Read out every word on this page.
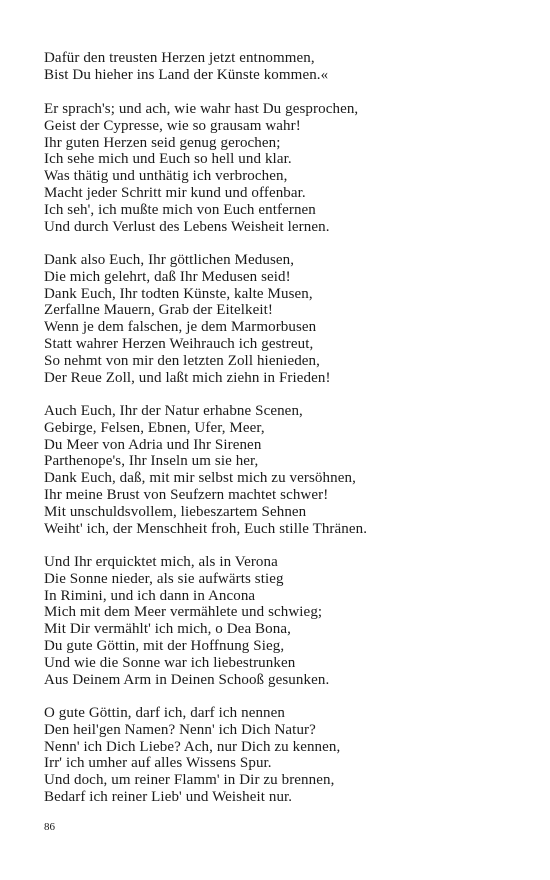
Dafür den treusten Herzen jetzt entnommen,
Bist Du hieher ins Land der Künste kommen.«
Er sprach's; und ach, wie wahr hast Du gesprochen,
Geist der Cypresse, wie so grausam wahr!
Ihr guten Herzen seid genug gerochen;
Ich sehe mich und Euch so hell und klar.
Was thätig und unthätig ich verbrochen,
Macht jeder Schritt mir kund und offenbar.
Ich seh', ich mußte mich von Euch entfernen
Und durch Verlust des Lebens Weisheit lernen.
Dank also Euch, Ihr göttlichen Medusen,
Die mich gelehrt, daß Ihr Medusen seid!
Dank Euch, Ihr todten Künste, kalte Musen,
Zerfallne Mauern, Grab der Eitelkeit!
Wenn je dem falschen, je dem Marmorbusen
Statt wahrer Herzen Weihrauch ich gestreut,
So nehmt von mir den letzten Zoll hienieden,
Der Reue Zoll, und laßt mich ziehn in Frieden!
Auch Euch, Ihr der Natur erhabne Scenen,
Gebirge, Felsen, Ebnen, Ufer, Meer,
Du Meer von Adria und Ihr Sirenen
Parthenope's, Ihr Inseln um sie her,
Dank Euch, daß, mit mir selbst mich zu versöhnen,
Ihr meine Brust von Seufzern machtet schwer!
Mit unschuldsvollem, liebeszartem Sehnen
Weiht' ich, der Menschheit froh, Euch stille Thränen.
Und Ihr erquicktet mich, als in Verona
Die Sonne nieder, als sie aufwärts stieg
In Rimini, und ich dann in Ancona
Mich mit dem Meer vermählete und schwieg;
Mit Dir vermählt' ich mich, o Dea Bona,
Du gute Göttin, mit der Hoffnung Sieg,
Und wie die Sonne war ich liebestrunken
Aus Deinem Arm in Deinen Schooß gesunken.
O gute Göttin, darf ich, darf ich nennen
Den heil'gen Namen? Nenn' ich Dich Natur?
Nenn' ich Dich Liebe? Ach, nur Dich zu kennen,
Irr' ich umher auf alles Wissens Spur.
Und doch, um reiner Flamm' in Dir zu brennen,
Bedarf ich reiner Lieb' und Weisheit nur.
86
